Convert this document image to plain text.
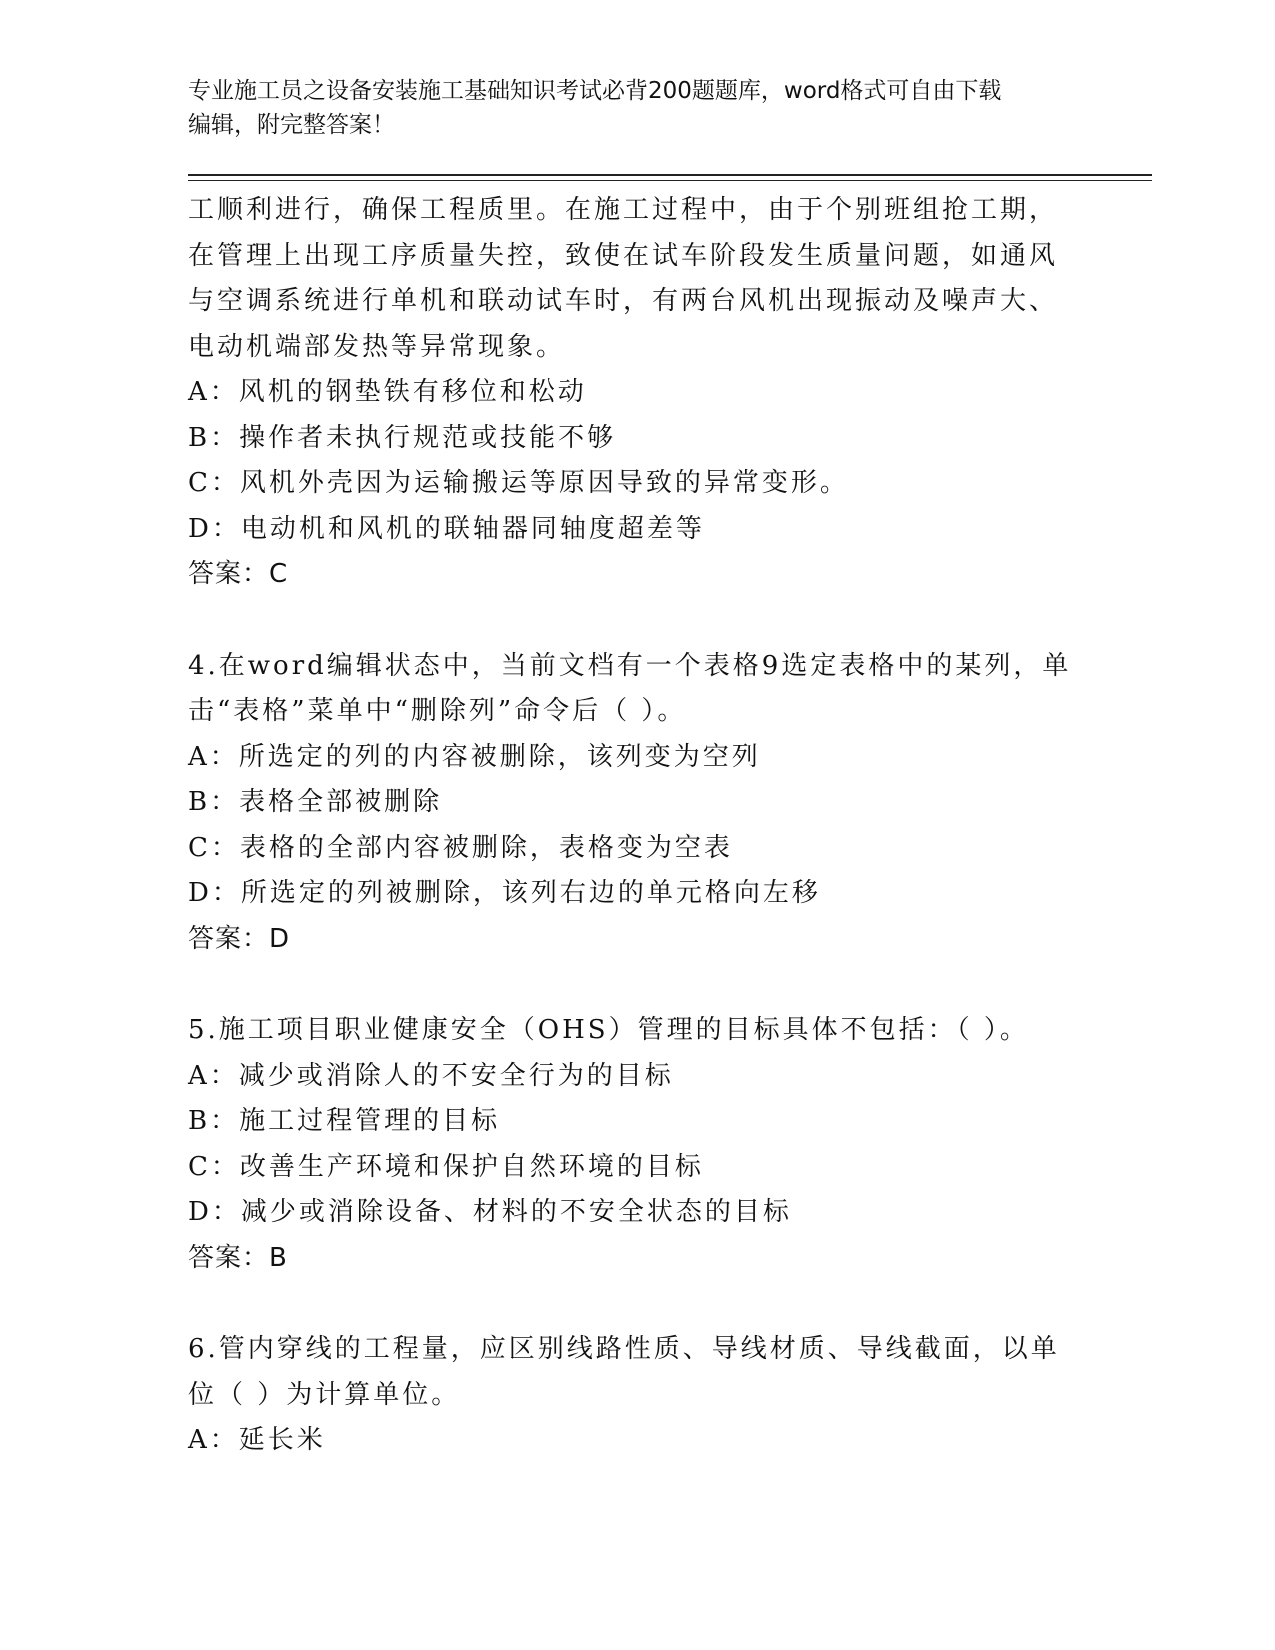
专业施工员之设备安装施工基础知识考试必背200题题库，word格式可自由下载
编辑，附完整答案！
工顺利进行，确保工程质里。在施工过程中，由于个别班组抢工期，
在管理上出现工序质量失控，致使在试车阶段发生质量问题，如通风
与空调系统进行单机和联动试车时，有两台风机出现振动及噪声大、
电动机端部发热等异常现象。
A：风机的钢垫铁有移位和松动
B：操作者未执行规范或技能不够
C：风机外壳因为运输搬运等原因导致的异常变形。
D：电动机和风机的联轴器同轴度超差等
答案：C
4.在word编辑状态中，当前文档有一个表格9选定表格中的某列，单
击“表格”菜单中“删除列”命令后（ ）。
A：所选定的列的内容被删除，该列变为空列
B：表格全部被删除
C：表格的全部内容被删除，表格变为空表
D：所选定的列被删除，该列右边的单元格向左移
答案：D
5.施工项目职业健康安全（OHS）管理的目标具体不包括：（ ）。
A：减少或消除人的不安全行为的目标
B：施工过程管理的目标
C：改善生产环境和保护自然环境的目标
D：减少或消除设备、材料的不安全状态的目标
答案：B
6.管内穿线的工程量，应区别线路性质、导线材质、导线截面，以单
位（ ）为计算单位。
A：延长米
